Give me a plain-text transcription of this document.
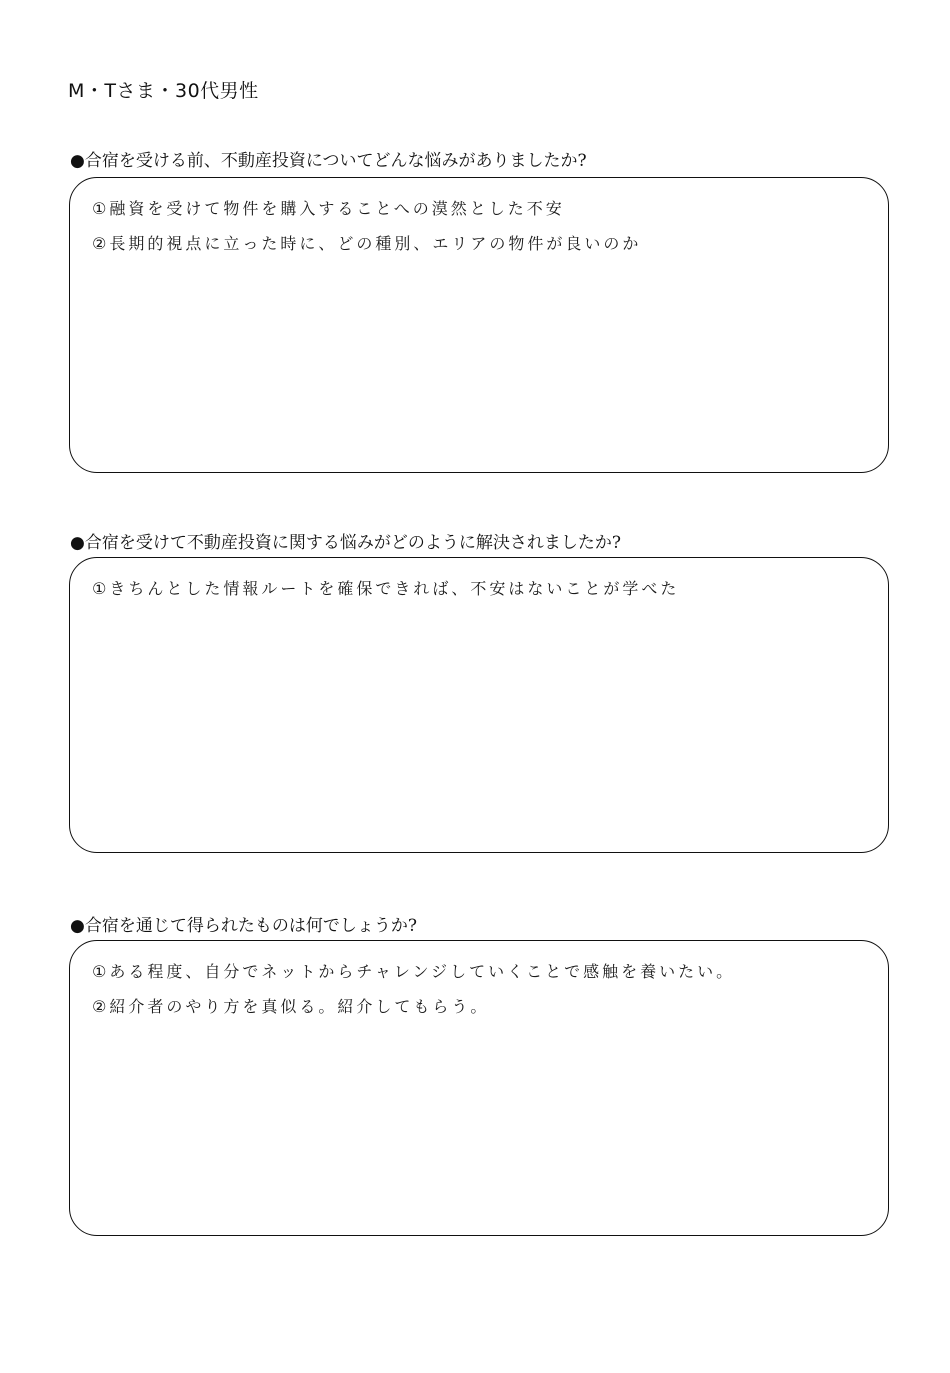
M・Tさま・30代男性
●合宿を受ける前、不動産投資についてどんな悩みがありましたか?
①融資を受けて物件を購入することへの漠然とした不安
②長期的視点に立った時に、どの種別、エリアの物件が良いのか
●合宿を受けて不動産投資に関する悩みがどのように解決されましたか?
①きちんとした情報ルートを確保できれば、不安はないことが学べた
●合宿を通じて得られたものは何でしょうか?
①ある程度、自分でネットからチャレンジしていくことで感触を養いたい。
②紹介者のやり方を真似る。紹介してもらう。
